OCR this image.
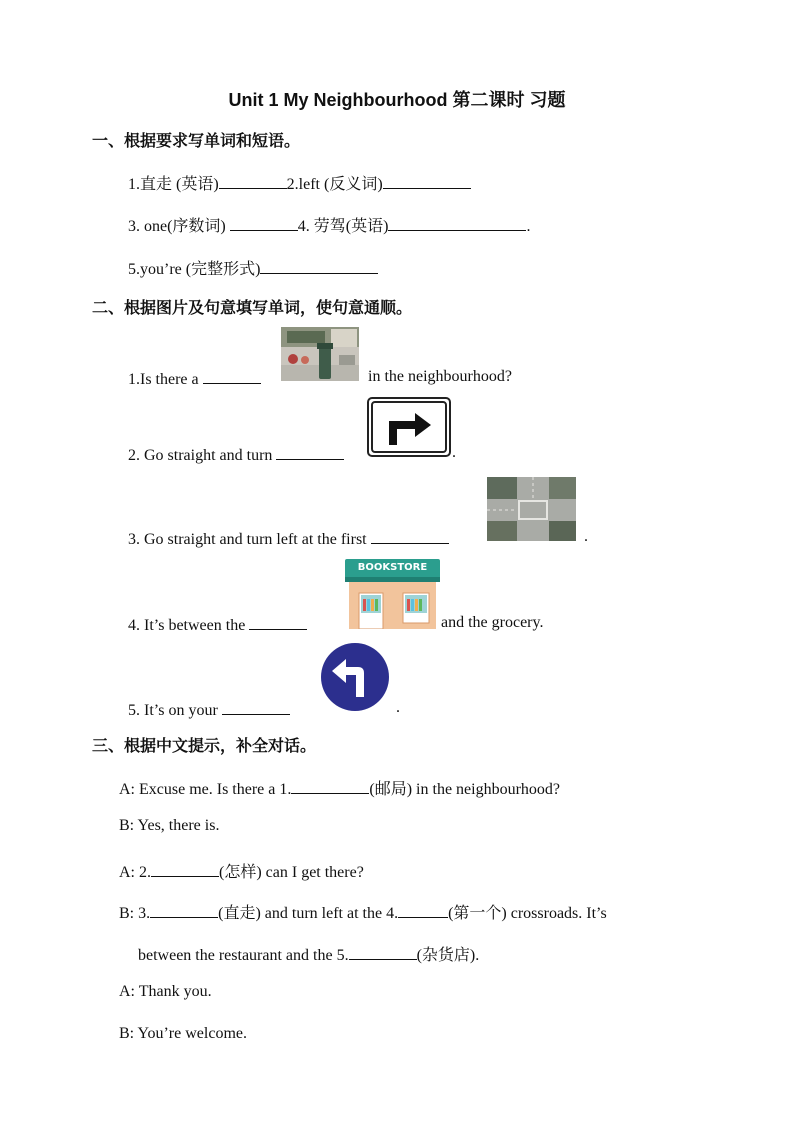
Unit 1 My Neighbourhood 第二课时 习题
一、根据要求写单词和短语。
1.直走 (英语)	2.left (反义词)
3. one(序数词)	4. 劳驾(英语)	.
5.you’re (完整形式)
二、根据图片及句意填写单词，使句意通顺。
1.Is there a	in the neighbourhood?
2. Go straight and turn	.
3. Go straight and turn left at the first	.
4. It’s between the
BOOKSTORE
and the grocery.
5. It’s on your	.
三、根据中文提示，补全对话。
A: Excuse me. Is there a 1.	(邮局) in the neighbourhood?
B: Yes, there is.
A: 2.	(怎样) can I get there?
B: 3.	(直走) and turn left at the 4.	(第一个) crossroads. It’s
between the restaurant and the 5.	(杂货店).
A: Thank you.
B: You’re welcome.
